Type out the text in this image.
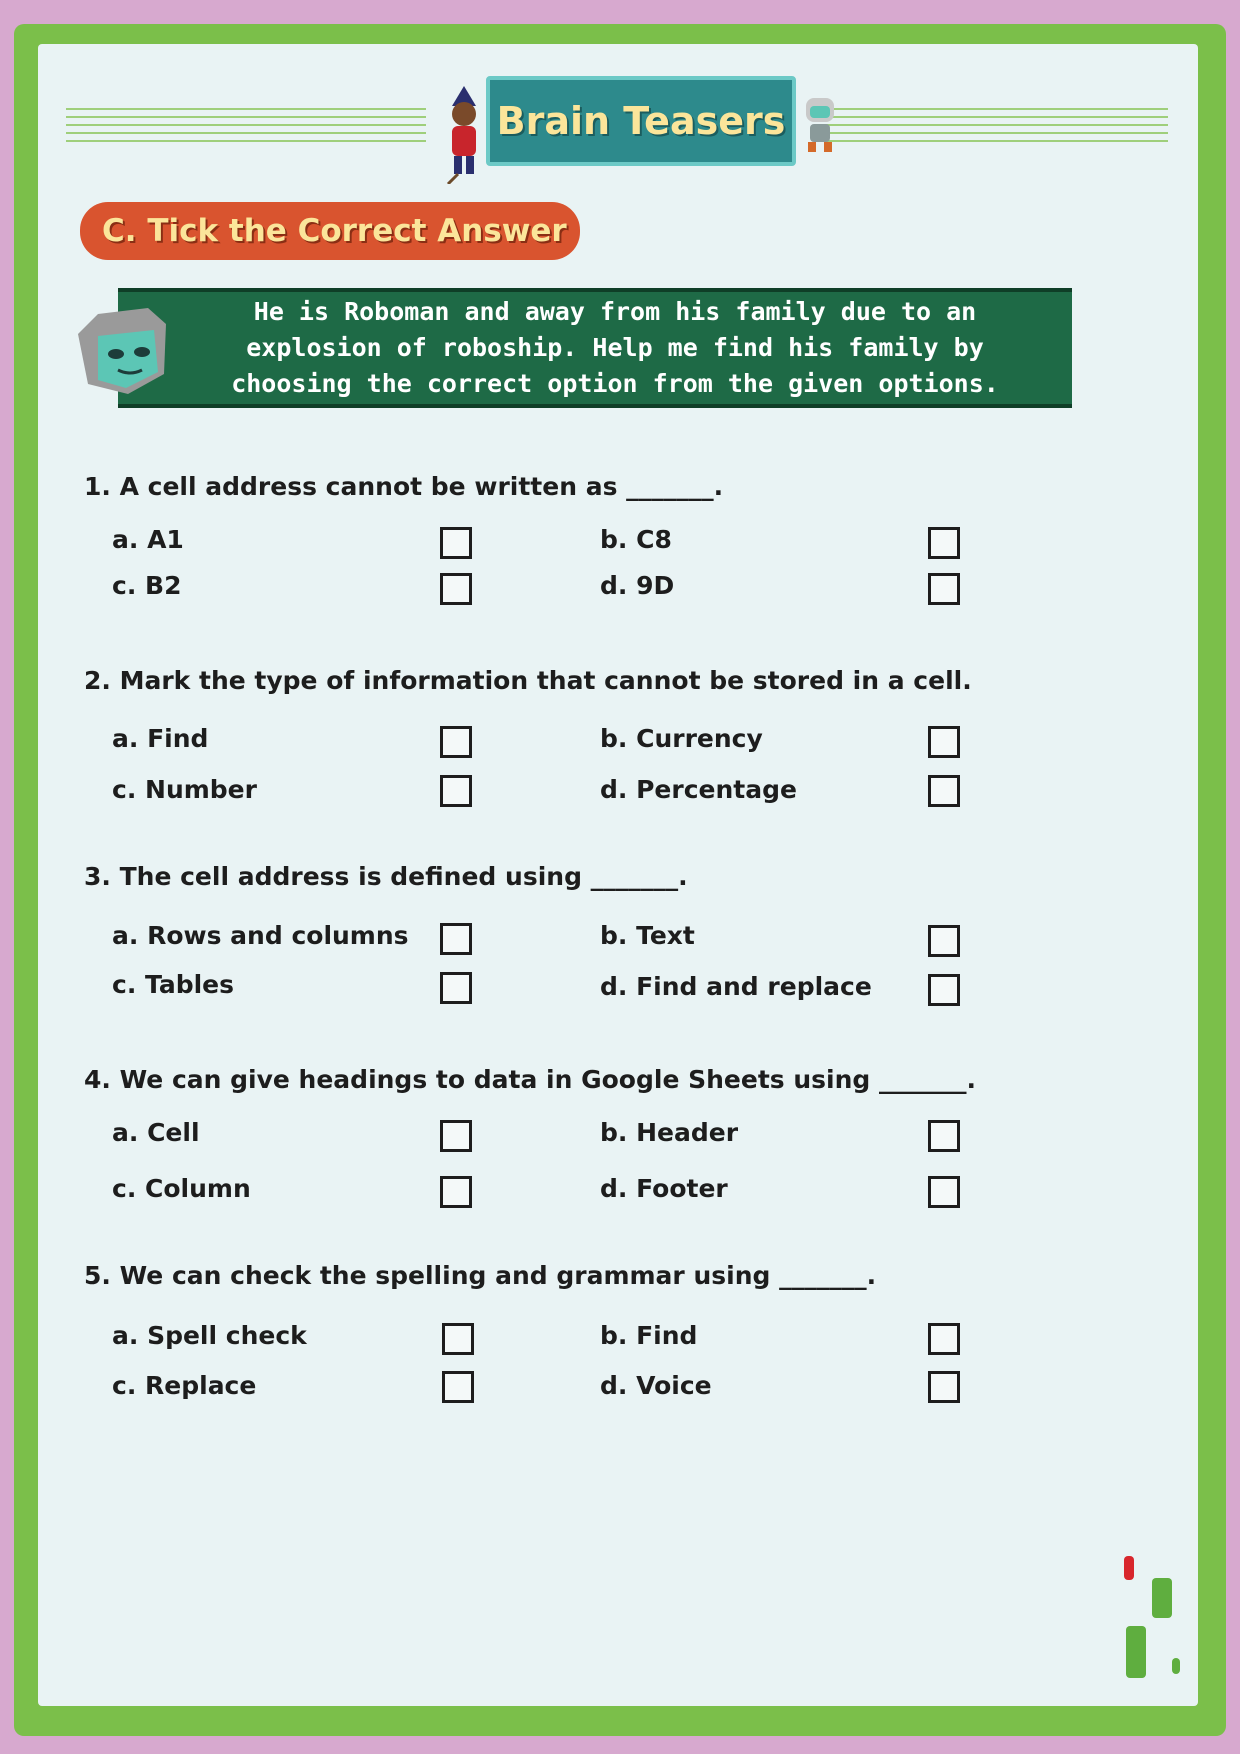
Brain Teasers
C. Tick the Correct Answer

He is Roboman and away from his family due to an explosion of roboship. Help me find his family by choosing the correct option from the given options.

1. A cell address cannot be written as _______.
a. A1	b. C8
c. B2	d. 9D
2. Mark the type of information that cannot be stored in a cell.
a. Find	b. Currency
c. Number	d. Percentage
3. The cell address is defined using _______.
a. Rows and columns	b. Text
c. Tables	d. Find and replace
4. We can give headings to data in Google Sheets using _______.
a. Cell	b. Header
c. Column	d. Footer
5. We can check the spelling and grammar using _______.
a. Spell check	b. Find
c. Replace	d. Voice
